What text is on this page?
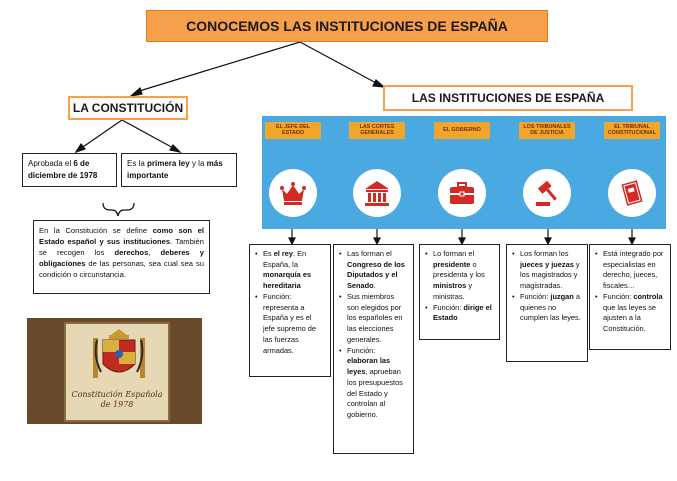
CONOCEMOS LAS INSTITUCIONES DE ESPAÑA
LA CONSTITUCIÓN
LAS INSTITUCIONES DE ESPAÑA
Aprobada el 6 de diciembre de 1978
Es la primera ley y la más importante
En la Constitución se define como son el Estado español y sus instituciones. También se recogen los derechos, deberes y obligaciones de las personas, sea cual sea su condición o circunstancia.
Constitución Española
de 1978
EL JEFE DEL ESTADO
LAS CORTES GENERALES	EL GOBIERNO	LOS TRIBUNALES DE JUSTICIA
EL TRIBUNAL CONSTITUCIONAL
• Es el rey. En España, la monarquía es hereditaria
• Función: representa a España y es el jefe supremo de las fuerzas armadas.
• Las forman el Congreso de los Diputados y el Senado.
• Sus miembros son elegidos por los españoles en las elecciones generales.
• Función: elaboran las leyes, aprueban los presupuestos del Estado y controlan al gobierno.
• Lo forman el presidente o presidenta y los ministros y ministras.
• Función: dirige el Estado
• Los forman los jueces y juezas y los magistrados y magistradas.
• Función: juzgan a quienes no cumplen las leyes.
• Está integrado por especialistas en derecho, jueces, fiscales…
• Función: controla que las leyes se ajusten a la Constitución.
